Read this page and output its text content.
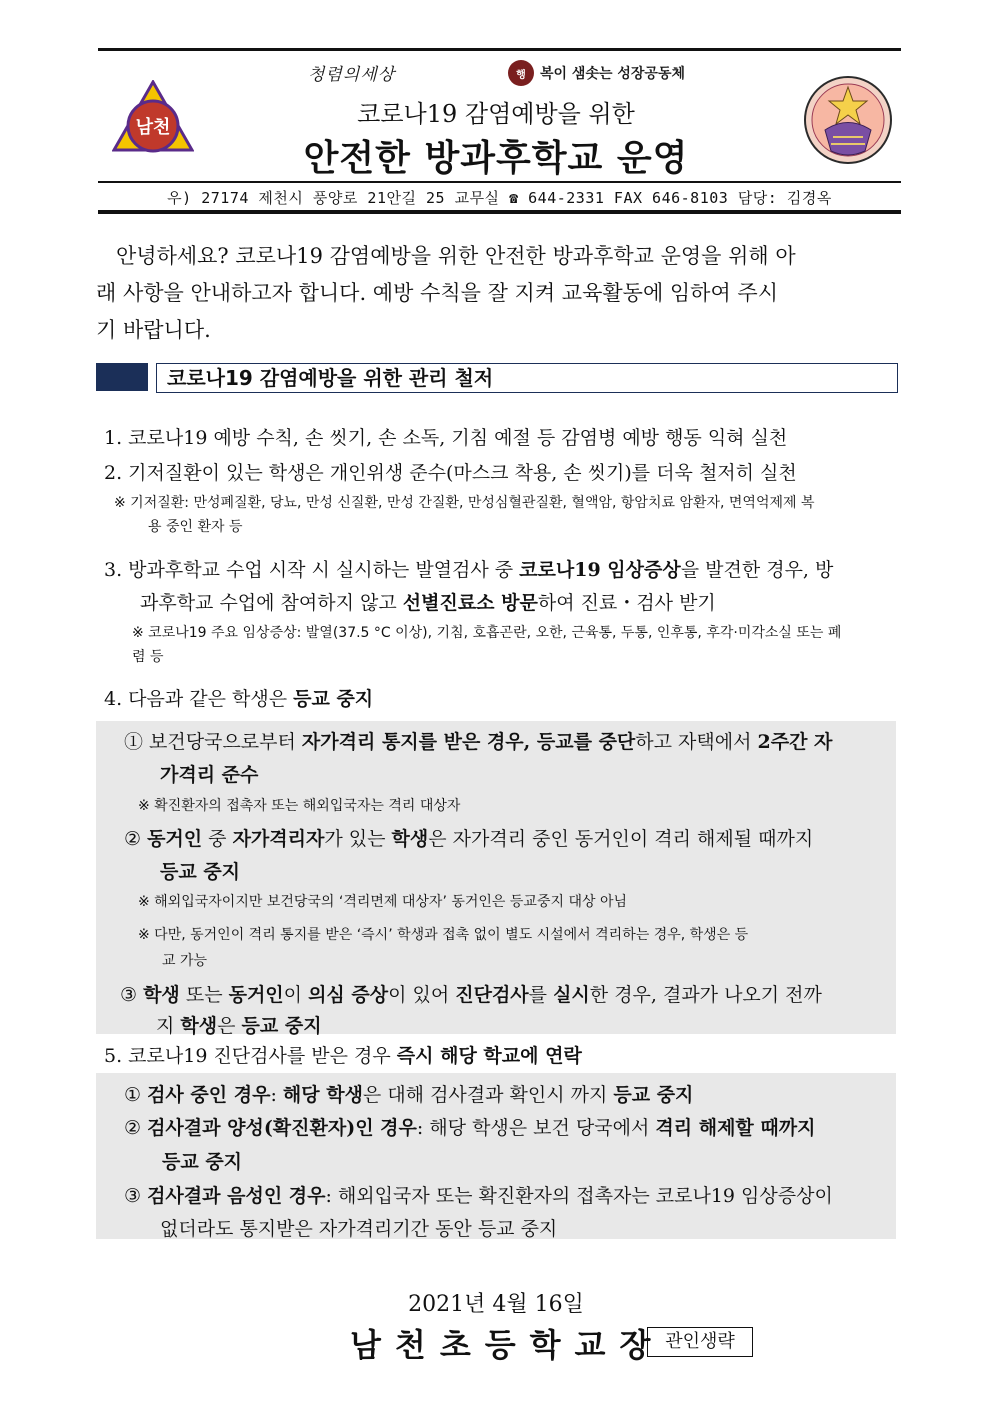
청렴의세상	행	복이 샘솟는 성장공동체
남천	코로나19 감염예방을 위한
안전한 방과후학교 운영
우) 27174 제천시 풍양로 21안길 25 교무실 ☎ 644-2331 FAX 646-8103 담당: 김경옥
안녕하세요? 코로나19 감염예방을 위한 안전한 방과후학교 운영을 위해 아
래 사항을 안내하고자 합니다. 예방 수칙을 잘 지켜 교육활동에 임하여 주시
기 바랍니다.
코로나19 감염예방을 위한 관리 철저
1. 코로나19 예방 수칙, 손 씻기, 손 소독, 기침 예절 등 감염병 예방 행동 익혀 실천
2. 기저질환이 있는 학생은 개인위생 준수(마스크 착용, 손 씻기)를 더욱 철저히 실천
※ 기저질환: 만성폐질환, 당뇨, 만성 신질환, 만성 간질환, 만성심혈관질환, 혈액암, 항암치료 암환자, 면역억제제 복
용 중인 환자 등
3. 방과후학교 수업 시작 시 실시하는 발열검사 중 코로나19 임상증상을 발견한 경우, 방
과후학교 수업에 참여하지 않고 선별진료소 방문하여 진료・검사 받기
※ 코로나19 주요 임상증상: 발열(37.5 °C 이상), 기침, 호흡곤란, 오한, 근육통, 두통, 인후통, 후각·미각소실 또는 폐
렴 등
4. 다음과 같은 학생은 등교 중지
① 보건당국으로부터 자가격리 통지를 받은 경우, 등교를 중단하고 자택에서 2주간 자
가격리 준수
※ 확진환자의 접촉자 또는 해외입국자는 격리 대상자
② 동거인 중 자가격리자가 있는 학생은 자가격리 중인 동거인이 격리 해제될 때까지
등교 중지
※ 해외입국자이지만 보건당국의 ‘격리면제 대상자’ 동거인은 등교중지 대상 아님
※ 다만, 동거인이 격리 통지를 받은 ‘즉시’ 학생과 접촉 없이 별도 시설에서 격리하는 경우, 학생은 등
교 가능
③ 학생 또는 동거인이 의심 증상이 있어 진단검사를 실시한 경우, 결과가 나오기 전까
지 학생은 등교 중지
5. 코로나19 진단검사를 받은 경우 즉시 해당 학교에 연락
① 검사 중인 경우: 해당 학생은 대해 검사결과 확인시 까지 등교 중지
② 검사결과 양성(확진환자)인 경우: 해당 학생은 보건 당국에서 격리 해제할 때까지
등교 중지
③ 검사결과 음성인 경우: 해외입국자 또는 확진환자의 접촉자는 코로나19 임상증상이
없더라도 통지받은 자가격리기간 동안 등교 중지
2021년 4월 16일
남천초등학교장 관인생략
